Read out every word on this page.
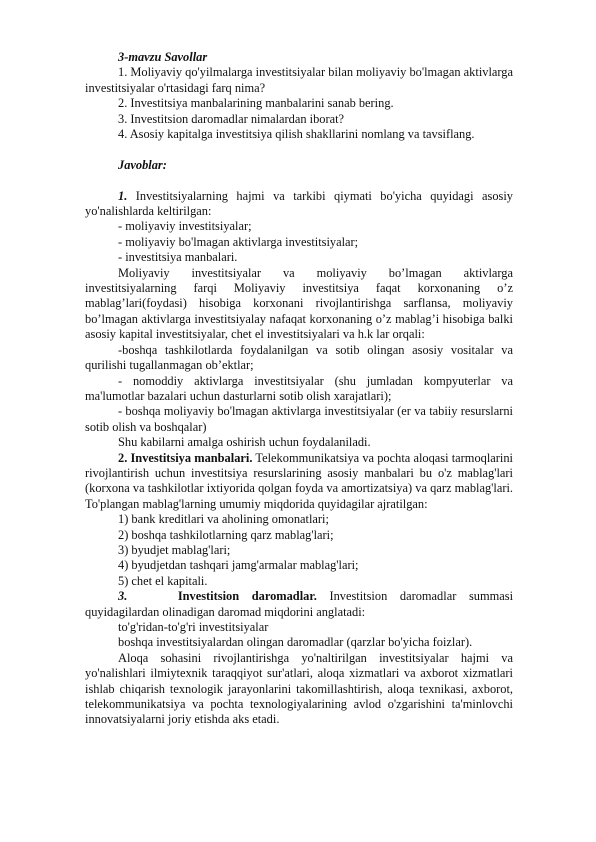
3-mavzu Savollar

1. Moliyaviy qo'yilmalarga investitsiyalar bilan moliyaviy bo'lmagan aktivlarga investitsiyalar o'rtasidagi farq nima?

2. Investitsiya manbalarining manbalarini sanab bering.

3. Investitsion daromadlar nimalardan iborat?

4. Asosiy kapitalga investitsiya qilish shakllarini nomlang va tavsiflang.

Javoblar:

1. Investitsiyalarning hajmi va tarkibi qiymati bo'yicha quyidagi asosiy yo'nalishlarda keltirilgan:

- moliyaviy investitsiyalar;

- moliyaviy bo'lmagan aktivlarga investitsiyalar;

- investitsiya manbalari.

Moliyaviy investitsiyalar va moliyaviy bo’lmagan aktivlarga investitsiyalarning farqi Moliyaviy investitsiya faqat korxonaning o’z mablag’lari(foydasi) hisobiga korxonani rivojlantirishga sarflansa, moliyaviy bo’lmagan aktivlarga investitsiyalay nafaqat korxonaning o’z mablag’i hisobiga balki asosiy kapital investitsiyalar, chet el investitsiyalari va h.k lar orqali:

-boshqa tashkilotlarda foydalanilgan va sotib olingan asosiy vositalar va qurilishi tugallanmagan ob’ektlar;

- nomoddiy aktivlarga investitsiyalar (shu jumladan kompyuterlar va ma'lumotlar bazalari uchun dasturlarni sotib olish xarajatlari);

- boshqa moliyaviy bo'lmagan aktivlarga investitsiyalar (er va tabiiy resurslarni sotib olish va boshqalar)

Shu kabilarni amalga oshirish uchun foydalaniladi.

2. Investitsiya manbalari. Telekommunikatsiya va pochta aloqasi tarmoqlarini rivojlantirish uchun investitsiya resurslarining asosiy manbalari bu o'z mablag'lari (korxona va tashkilotlar ixtiyorida qolgan foyda va amortizatsiya) va qarz mablag'lari. To'plangan mablag'larning umumiy miqdorida quyidagilar ajratilgan:

1) bank kreditlari va aholining omonatlari;

2) boshqa tashkilotlarning qarz mablag'lari;

3) byudjet mablag'lari;

4) byudjetdan tashqari jamg'armalar mablag'lari;

5) chet el kapitali.

3.	Investitsion daromadlar. Investitsion daromadlar summasi quyidagilardan olinadigan daromad miqdorini anglatadi:

to'g'ridan-to'g'ri investitsiyalar

boshqa investitsiyalardan olingan daromadlar (qarzlar bo'yicha foizlar).

Aloqa sohasini rivojlantirishga yo'naltirilgan investitsiyalar hajmi va yo'nalishlari ilmiytexnik taraqqiyot sur'atlari, aloqa xizmatlari va axborot xizmatlari ishlab chiqarish texnologik jarayonlarini takomillashtirish, aloqa texnikasi, axborot, telekommunikatsiya va pochta texnologiyalarining avlod o'zgarishini ta'minlovchi innovatsiyalarni joriy etishda aks etadi.
